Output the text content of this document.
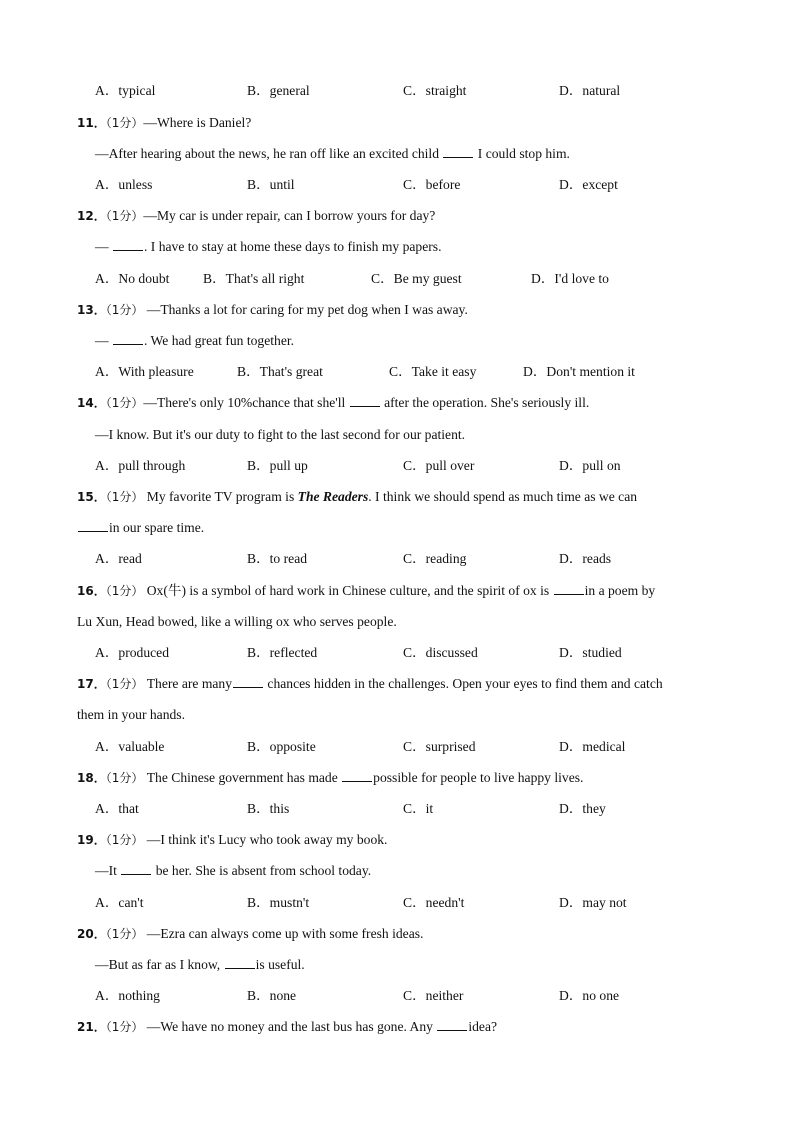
A．typical	B．general	C．straight	D．natural
11．（1分）—Where is Daniel?
—After hearing about the news, he ran off like an excited child  I could stop him.
A．unless	B．until	C．before	D．except
12．（1分）—My car is under repair, can I borrow yours for day?
— . I have to stay at home these days to finish my papers.
A．No doubt B．That's all right	C．Be my guest	D．I'd love to
13．（1分） —Thanks a lot for caring for my pet dog when I was away.
— . We had great fun together.
A．With pleasure	B．That's great	C．Take it easy	D．Don't mention it
14．（1分）—There's only 10%chance that she'll  after the operation. She's seriously ill.
—I know. But it's our duty to fight to the last second for our patient.
A．pull through	B．pull up	C．pull over	D．pull on
15．（1分） My favorite TV program is The Readers. I think we should spend as much time as we can
in our spare time.
A．read	B．to read	C．reading	D．reads
16．（1分） Ox(牛) is a symbol of hard work in Chinese culture, and the spirit of ox is in a poem by
Lu Xun, Head bowed, like a willing ox who serves people.
A．produced	B．reflected	C．discussed	D．studied
17．（1分） There are many chances hidden in the challenges. Open your eyes to find them and catch
them in your hands.
A．valuable	B．opposite	C．surprised	D．medical
18．（1分） The Chinese government has made possible for people to live happy lives.
A．that	B．this	C．it	D．they
19．（1分） —I think it's Lucy who took away my book.
—It  be her. She is absent from school today.
A．can't	B．mustn't	C．needn't	D．may not
20．（1分） —Ezra can always come up with some fresh ideas.
—But as far as I know, is useful.
A．nothing	B．none	C．neither	D．no one
21．（1分） —We have no money and the last bus has gone. Any idea?
